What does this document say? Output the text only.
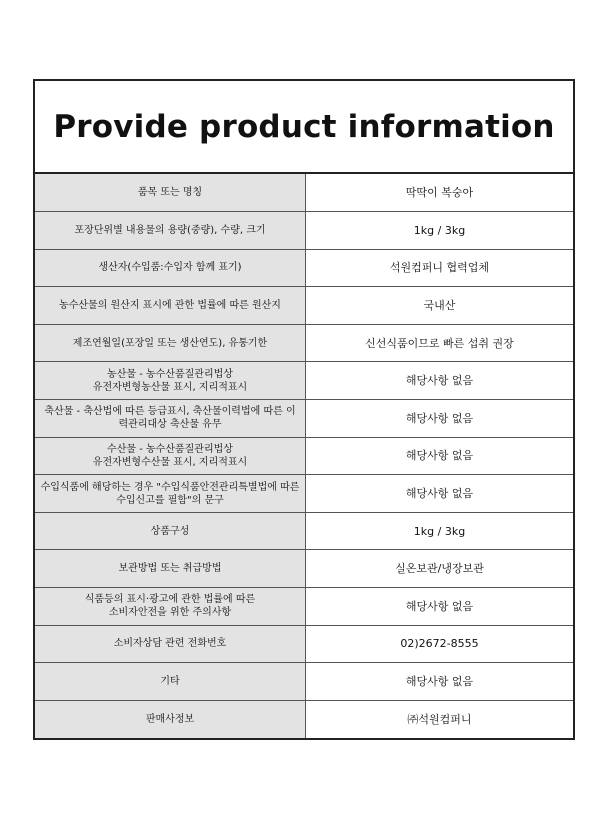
Provide product information
품목 또는 명칭	딱딱이 복숭아
포장단위별 내용물의 용량(중량), 수량, 크기	1kg / 3kg
생산자(수입품:수입자 함께 표기)	석원컴퍼니 협력업체
농수산물의 원산지 표시에 관한 법률에 따른 원산지	국내산
제조연월일(포장일 또는 생산연도), 유통기한	신선식품이므로 빠른 섭취 권장
농산물 - 농수산품질관리법상
유전자변형농산물 표시, 지리적표시	해당사항 없음
축산물 - 축산법에 따른 등급표시, 축산물이력법에 따른 이
력관리대상 축산물 유무	해당사항 없음
수산물 - 농수산품질관리법상
유전자변형수산물 표시, 지리적표시	해당사항 없음
수입식품에 해당하는 경우 "수입식품안전관리특별법에 따른
수입신고를 필함"의 문구	해당사항 없음
상품구성	1kg / 3kg
보관방법 또는 취급방법	실온보관/냉장보관
식품등의 표시·광고에 관한 법률에 따른
소비자안전을 위한 주의사항	해당사항 없음
소비자상담 관련 전화번호	02)2672-8555
기타	해당사항 없음
판매사정보	㈜석원컴퍼니
